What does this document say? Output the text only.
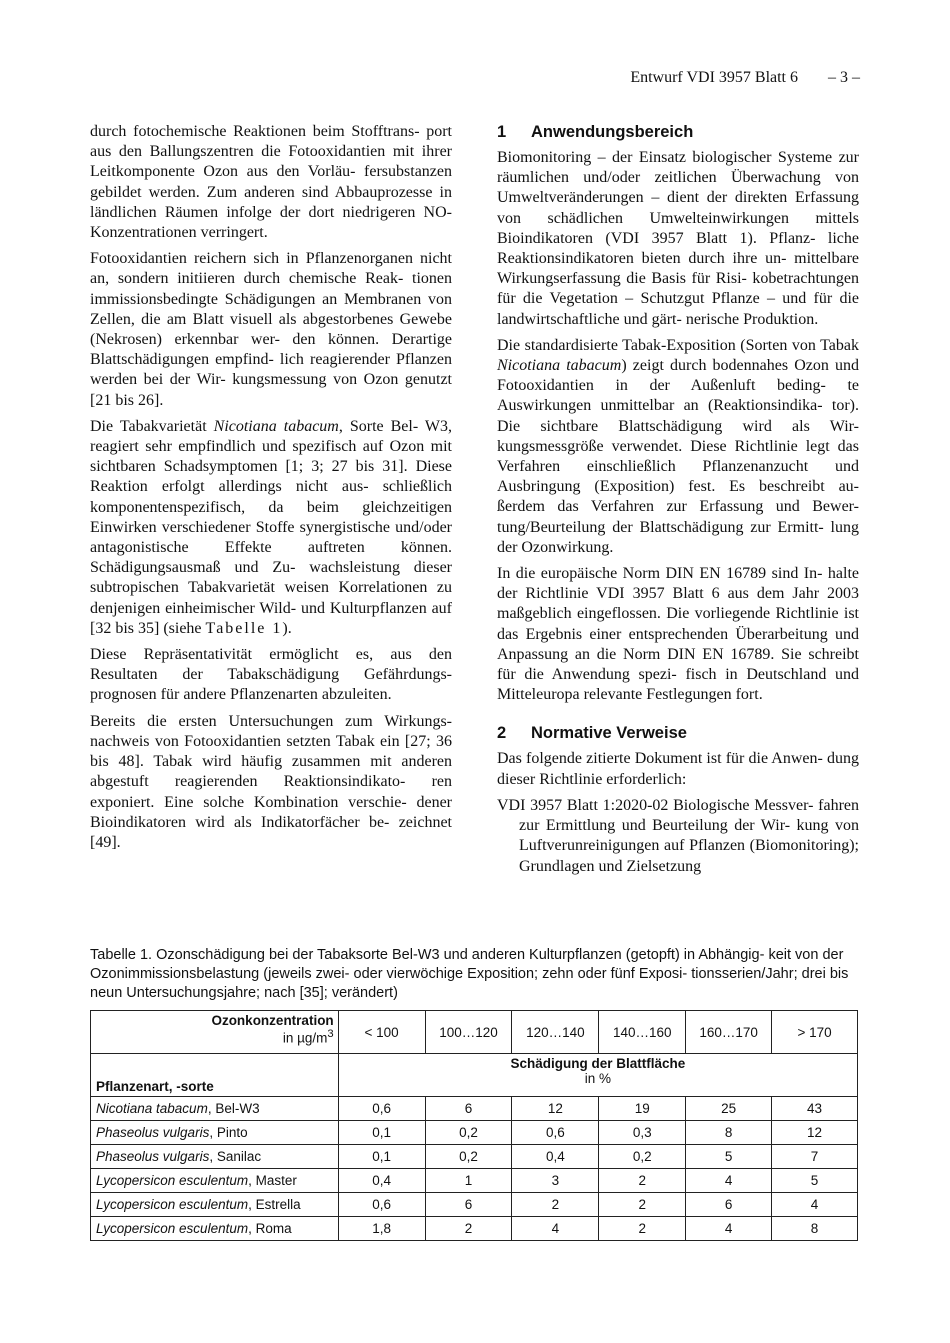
Entwurf VDI 3957 Blatt 6 – 3 –

durch fotochemische Reaktionen beim Stofftrans- port aus den Ballungszentren die Fotooxidantien mit ihrer Leitkomponente Ozon aus den Vorläu- fersubstanzen gebildet werden. Zum anderen sind Abbauprozesse in ländlichen Räumen infolge der dort niedrigeren NO-Konzentrationen verringert.

Fotooxidantien reichern sich in Pflanzenorganen nicht an, sondern initiieren durch chemische Reak- tionen immissionsbedingte Schädigungen an Membranen von Zellen, die am Blatt visuell als abgestorbenes Gewebe (Nekrosen) erkennbar wer- den können. Derartige Blattschädigungen empfind- lich reagierender Pflanzen werden bei der Wir- kungsmessung von Ozon genutzt [21 bis 26].

Die Tabakvarietät Nicotiana tabacum, Sorte Bel- W3, reagiert sehr empfindlich und spezifisch auf Ozon mit sichtbaren Schadsymptomen [1; 3; 27 bis 31]. Diese Reaktion erfolgt allerdings nicht aus- schließlich komponentenspezifisch, da beim gleichzeitigen Einwirken verschiedener Stoffe synergistische und/oder antagonistische Effekte auftreten können. Schädigungsausmaß und Zu- wachsleistung dieser subtropischen Tabakvarietät weisen Korrelationen zu denjenigen einheimischer Wild- und Kulturpflanzen auf [32 bis 35] (siehe Tabelle 1).

Diese Repräsentativität ermöglicht es, aus den Resultaten der Tabakschädigung Gefährdungs- prognosen für andere Pflanzenarten abzuleiten.

Bereits die ersten Untersuchungen zum Wirkungs- nachweis von Fotooxidantien setzten Tabak ein [27; 36 bis 48]. Tabak wird häufig zusammen mit anderen abgestuft reagierenden Reaktionsindikato- ren exponiert. Eine solche Kombination verschie- dener Bioindikatoren wird als Indikatorfächer be- zeichnet [49].

1 Anwendungsbereich

Biomonitoring – der Einsatz biologischer Systeme zur räumlichen und/oder zeitlichen Überwachung von Umweltveränderungen – dient der direkten Erfassung von schädlichen Umwelteinwirkungen mittels Bioindikatoren (VDI 3957 Blatt 1). Pflanz- liche Reaktionsindikatoren bieten durch ihre un- mittelbare Wirkungserfassung die Basis für Risi- kobetrachtungen für die Vegetation – Schutzgut Pflanze – und für die landwirtschaftliche und gärt- nerische Produktion.

Die standardisierte Tabak-Exposition (Sorten von Tabak Nicotiana tabacum) zeigt durch bodennahes Ozon und Fotooxidantien in der Außenluft beding- te Auswirkungen unmittelbar an (Reaktionsindika- tor). Die sichtbare Blattschädigung wird als Wir- kungsmessgröße verwendet. Diese Richtlinie legt das Verfahren einschließlich Pflanzenanzucht und Ausbringung (Exposition) fest. Es beschreibt au- ßerdem das Verfahren zur Erfassung und Bewer- tung/Beurteilung der Blattschädigung zur Ermitt- lung der Ozonwirkung.

In die europäische Norm DIN EN 16789 sind In- halte der Richtlinie VDI 3957 Blatt 6 aus dem Jahr 2003 maßgeblich eingeflossen. Die vorliegende Richtlinie ist das Ergebnis einer entsprechenden Überarbeitung und Anpassung an die Norm DIN EN 16789. Sie schreibt für die Anwendung spezi- fisch in Deutschland und Mitteleuropa relevante Festlegungen fort.

2 Normative Verweise

Das folgende zitierte Dokument ist für die Anwen- dung dieser Richtlinie erforderlich:

VDI 3957 Blatt 1:2020-02 Biologische Messver- fahren zur Ermittlung und Beurteilung der Wir- kung von Luftverunreinigungen auf Pflanzen (Biomonitoring); Grundlagen und Zielsetzung

Tabelle 1. Ozonschädigung bei der Tabaksorte Bel-W3 und anderen Kulturpflanzen (getopft) in Abhängig- keit von der Ozonimmissionsbelastung (jeweils zwei- oder vierwöchige Exposition; zehn oder fünf Exposi- tionsserien/Jahr; drei bis neun Untersuchungsjahre; nach [35]; verändert)
Ozonkonzentration
in $\mu g/m^3$	< 100	100…120	120…140	140…160	160…170	> 170
Pflanzenart, -sorte	Schädigung der Blattfläche
in %					
Nicotiana tabacum, Bel-W3	0,6	6	12	19	25	43
Phaseolus vulgaris, Pinto	0,1	0,2	0,6	0,3	8	12
Phaseolus vulgaris, Sanilac	0,1	0,2	0,4	0,2	5	7
Lycopersicon esculentum, Master	0,4	1	3	2	4	5
Lycopersicon esculentum, Estrella	0,6	6	2	2	6	4
Lycopersicon esculentum, Roma	1,8	2	4	2	4	8
